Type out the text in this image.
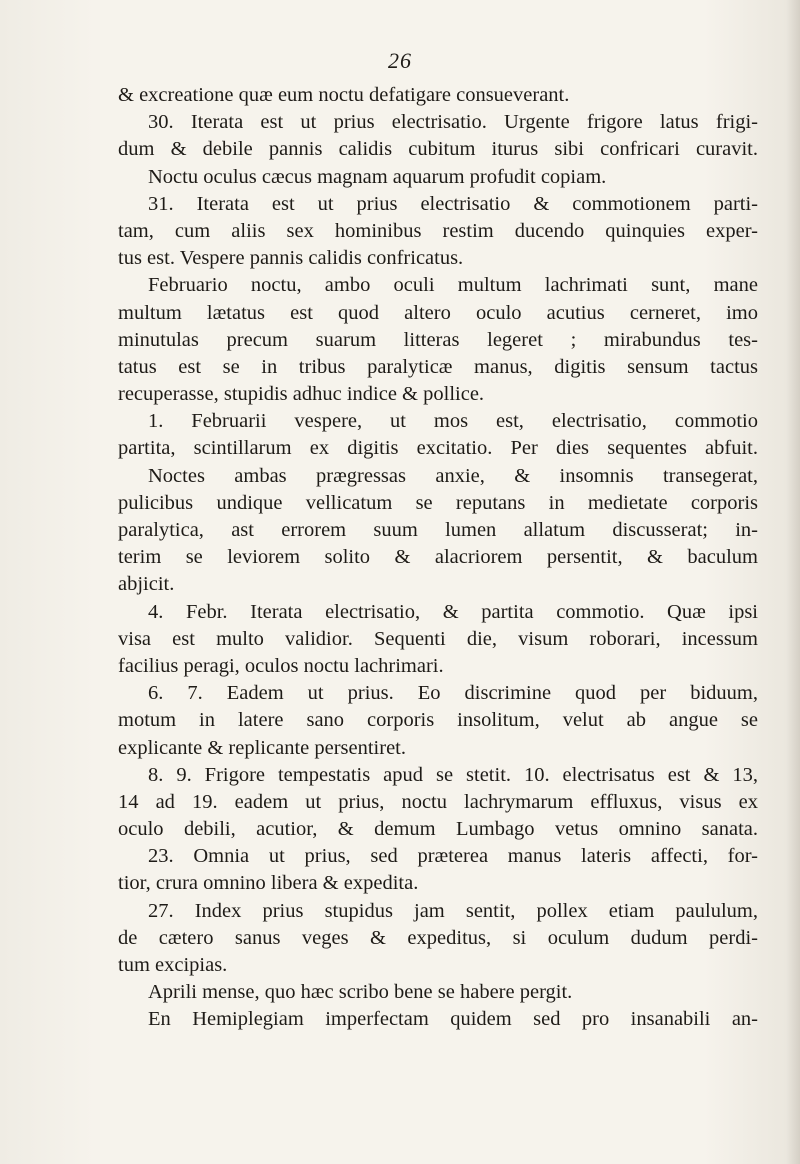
26
& excreatione quæ eum noctu defatigare consueverant.
30. Iterata est ut prius electrisatio. Urgente frigore latus frigi-
dum & debile pannis calidis cubitum iturus sibi confricari curavit.
Noctu oculus cæcus magnam aquarum profudit copiam.
31. Iterata est ut prius electrisatio & commotionem parti-
tam, cum aliis sex hominibus restim ducendo quinquies exper-
tus est. Vespere pannis calidis confricatus.
Februario noctu, ambo oculi multum lachrimati sunt, mane
multum lætatus est quod altero oculo acutius cerneret, imo
minutulas precum suarum litteras legeret ; mirabundus tes-
tatus est se in tribus paralyticæ manus, digitis sensum tactus
recuperasse, stupidis adhuc indice & pollice.
1. Februarii vespere, ut mos est, electrisatio, commotio
partita, scintillarum ex digitis excitatio. Per dies sequentes abfuit.
Noctes ambas prægressas anxie, & insomnis transegerat,
pulicibus undique vellicatum se reputans in medietate corporis
paralytica, ast errorem suum lumen allatum discusserat; in-
terim se leviorem solito & alacriorem persentit, & baculum
abjicit.
4. Febr. Iterata electrisatio, & partita commotio. Quæ ipsi
visa est multo validior. Sequenti die, visum roborari, incessum
facilius peragi, oculos noctu lachrimari.
6. 7. Eadem ut prius. Eo discrimine quod per biduum,
motum in latere sano corporis insolitum, velut ab angue se
explicante & replicante persentiret.
8. 9. Frigore tempestatis apud se stetit. 10. electrisatus est & 13,
14 ad 19. eadem ut prius, noctu lachrymarum effluxus, visus ex
oculo debili, acutior, & demum Lumbago vetus omnino sanata.
23. Omnia ut prius, sed præterea manus lateris affecti, for-
tior, crura omnino libera & expedita.
27. Index prius stupidus jam sentit, pollex etiam paululum,
de cætero sanus veges & expeditus, si oculum dudum perdi-
tum excipias.
Aprili mense, quo hæc scribo bene se habere pergit.
En Hemiplegiam imperfectam quidem sed pro insanabili an-
